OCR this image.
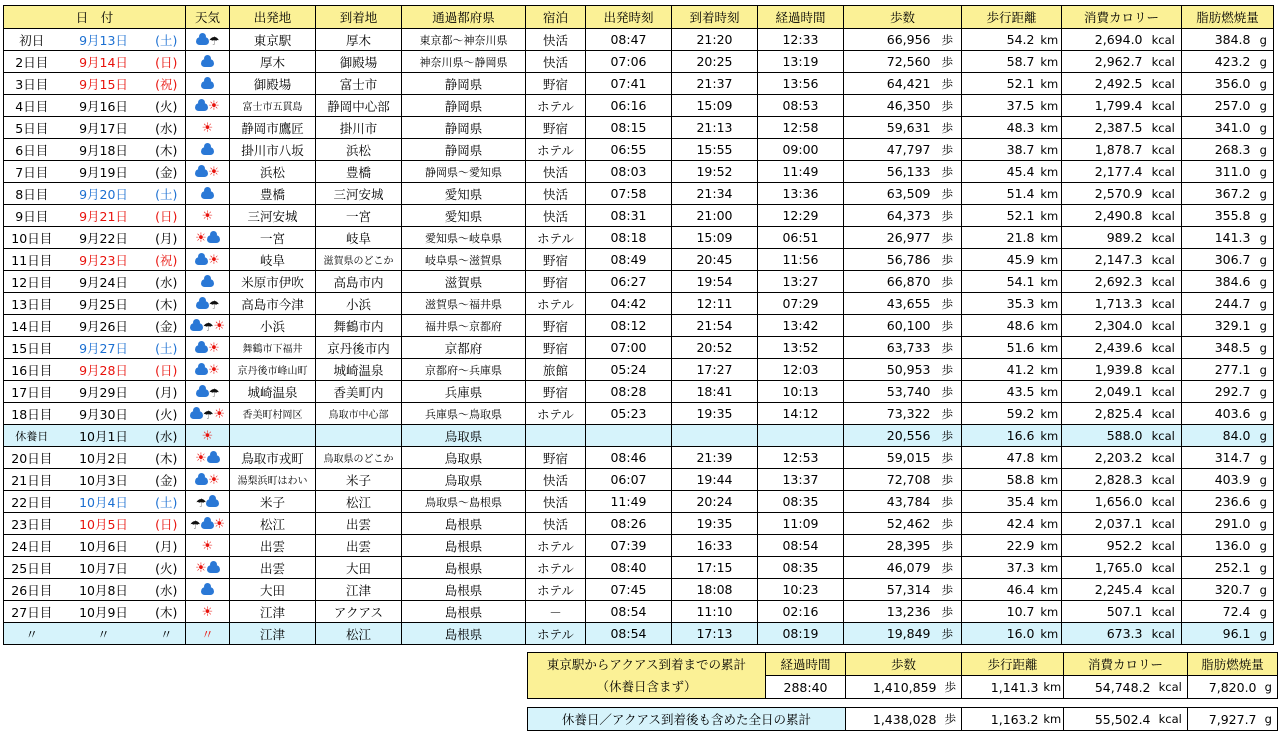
日　付			天気	出発地	到着地	通過都府県	宿泊	出発時刻	到着時刻	経過時間	歩数		歩行距離		消費カロリー		脂肪燃焼量	
初日	9月13日	(土)	☂	東京駅	厚木	東京都～神奈川県	快活	08:47	21:20	12:33	66,956	歩	54.2	km	2,694.0	kcal	384.8	g
2日目	9月14日	(日)		厚木	御殿場	神奈川県～静岡県	快活	07:06	20:25	13:19	72,560	歩	58.7	km	2,962.7	kcal	423.2	g
3日目	9月15日	(祝)		御殿場	富士市	静岡県	野宿	07:41	21:37	13:56	64,421	歩	52.1	km	2,492.5	kcal	356.0	g
4日目	9月16日	(火)	☀	富士市五貫島	静岡中心部	静岡県	ホテル	06:16	15:09	08:53	46,350	歩	37.5	km	1,799.4	kcal	257.0	g
5日目	9月17日	(水)	☀	静岡市鷹匠	掛川市	静岡県	野宿	08:15	21:13	12:58	59,631	歩	48.3	km	2,387.5	kcal	341.0	g
6日目	9月18日	(木)		掛川市八坂	浜松	静岡県	ホテル	06:55	15:55	09:00	47,797	歩	38.7	km	1,878.7	kcal	268.3	g
7日目	9月19日	(金)	☀	浜松	豊橋	静岡県～愛知県	快活	08:03	19:52	11:49	56,133	歩	45.4	km	2,177.4	kcal	311.0	g
8日目	9月20日	(土)		豊橋	三河安城	愛知県	快活	07:58	21:34	13:36	63,509	歩	51.4	km	2,570.9	kcal	367.2	g
9日目	9月21日	(日)	☀	三河安城	一宮	愛知県	快活	08:31	21:00	12:29	64,373	歩	52.1	km	2,490.8	kcal	355.8	g
10日目	9月22日	(月)	☀	一宮	岐阜	愛知県～岐阜県	ホテル	08:18	15:09	06:51	26,977	歩	21.8	km	989.2	kcal	141.3	g
11日目	9月23日	(祝)	☀	岐阜	滋賀県のどこか	岐阜県～滋賀県	野宿	08:49	20:45	11:56	56,786	歩	45.9	km	2,147.3	kcal	306.7	g
12日目	9月24日	(水)		米原市伊吹	高島市内	滋賀県	野宿	06:27	19:54	13:27	66,870	歩	54.1	km	2,692.3	kcal	384.6	g
13日目	9月25日	(木)	☂	高島市今津	小浜	滋賀県～福井県	ホテル	04:42	12:11	07:29	43,655	歩	35.3	km	1,713.3	kcal	244.7	g
14日目	9月26日	(金)	☂☀	小浜	舞鶴市内	福井県～京都府	野宿	08:12	21:54	13:42	60,100	歩	48.6	km	2,304.0	kcal	329.1	g
15日目	9月27日	(土)	☀	舞鶴市下福井	京丹後市内	京都府	野宿	07:00	20:52	13:52	63,733	歩	51.6	km	2,439.6	kcal	348.5	g
16日目	9月28日	(日)	☀	京丹後市峰山町	城崎温泉	京都府～兵庫県	旅館	05:24	17:27	12:03	50,953	歩	41.2	km	1,939.8	kcal	277.1	g
17日目	9月29日	(月)	☂	城崎温泉	香美町内	兵庫県	野宿	08:28	18:41	10:13	53,740	歩	43.5	km	2,049.1	kcal	292.7	g
18日目	9月30日	(火)	☂☀	香美町村岡区	鳥取市中心部	兵庫県～鳥取県	ホテル	05:23	19:35	14:12	73,322	歩	59.2	km	2,825.4	kcal	403.6	g
休養日	10月1日	(水)	☀			鳥取県					20,556	歩	16.6	km	588.0	kcal	84.0	g
20日目	10月2日	(木)	☀	鳥取市戎町	鳥取県のどこか	鳥取県	野宿	08:46	21:39	12:53	59,015	歩	47.8	km	2,203.2	kcal	314.7	g
21日目	10月3日	(金)	☀	湯梨浜町はわい	米子	鳥取県	快活	06:07	19:44	13:37	72,708	歩	58.8	km	2,828.3	kcal	403.9	g
22日目	10月4日	(土)	☂	米子	松江	鳥取県～島根県	快活	11:49	20:24	08:35	43,784	歩	35.4	km	1,656.0	kcal	236.6	g
23日目	10月5日	(日)	☂ ☀	松江	出雲	島根県	快活	08:26	19:35	11:09	52,462	歩	42.4	km	2,037.1	kcal	291.0	g
24日目	10月6日	(月)	☀	出雲	出雲	島根県	ホテル	07:39	16:33	08:54	28,395	歩	22.9	km	952.2	kcal	136.0	g
25日目	10月7日	(火)	☀	出雲	大田	島根県	ホテル	08:40	17:15	08:35	46,079	歩	37.3	km	1,765.0	kcal	252.1	g
26日目	10月8日	(水)		大田	江津	島根県	ホテル	07:45	18:08	10:23	57,314	歩	46.4	km	2,245.4	kcal	320.7	g
27日目	10月9日	(木)	☀	江津	アクアス	島根県	－	08:54	11:10	02:16	13,236	歩	10.7	km	507.1	kcal	72.4	g
〃	〃	〃	〃	江津	松江	島根県	ホテル	08:54	17:13	08:19	19,849	歩	16.0	km	673.3	kcal	96.1	g
東京駅からアクアス到着までの累計
（休養日含まず）	経過時間	歩数		歩行距離		消費カロリー		脂肪燃焼量	
	288:40	1,410,859	歩	1,141.3	km	54,748.2	kcal	7,820.0	g
休養日／アクアス到着後も含めた全日の累計	1,438,028	歩	1,163.2	km	55,502.4	kcal	7,927.7	g
